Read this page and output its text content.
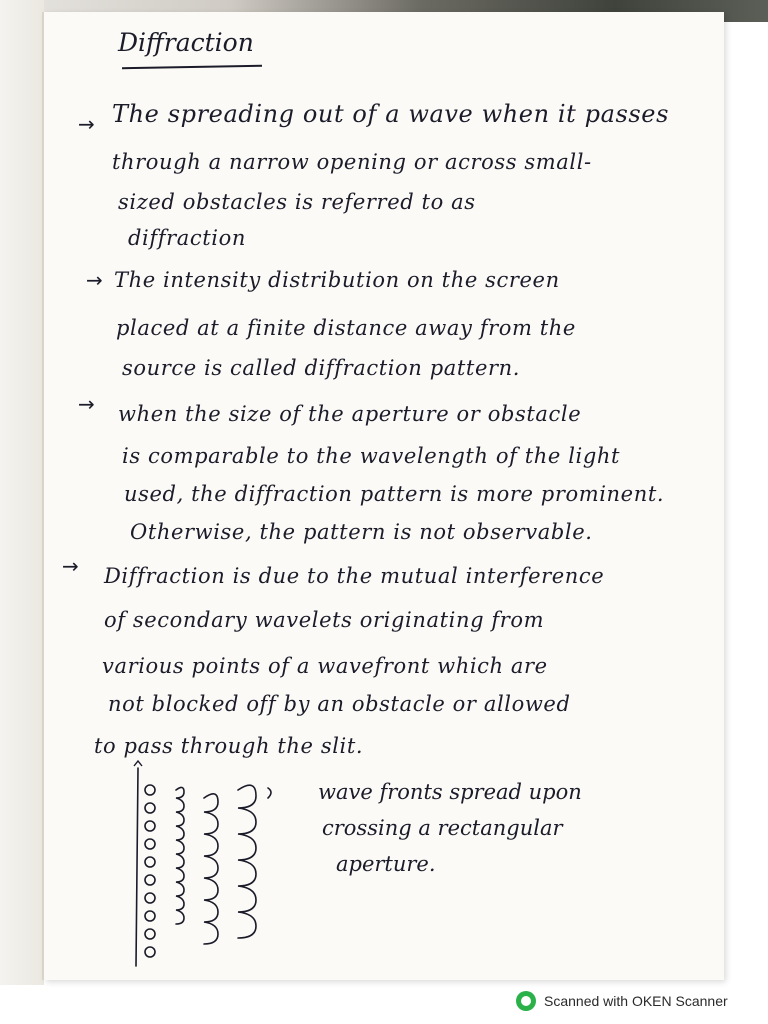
Diffraction
→ The spreading out of a wave when it passes
through a narrow opening or across small-
sized obstacles is referred to as
diffraction
→ The intensity distribution on the screen
placed at a finite distance away from the
source is called diffraction pattern.
→ when the size of the aperture or obstacle
is comparable to the wavelength of the light
used, the diffraction pattern is more prominent.
Otherwise, the pattern is not observable.
→ Diffraction is due to the mutual interference
of secondary wavelets originating from
various points of a wavefront which are
not blocked off by an obstacle or allowed
to pass through the slit.
wave fronts spread upon
crossing a rectangular
aperture.
Scanned with OKEN Scanner
